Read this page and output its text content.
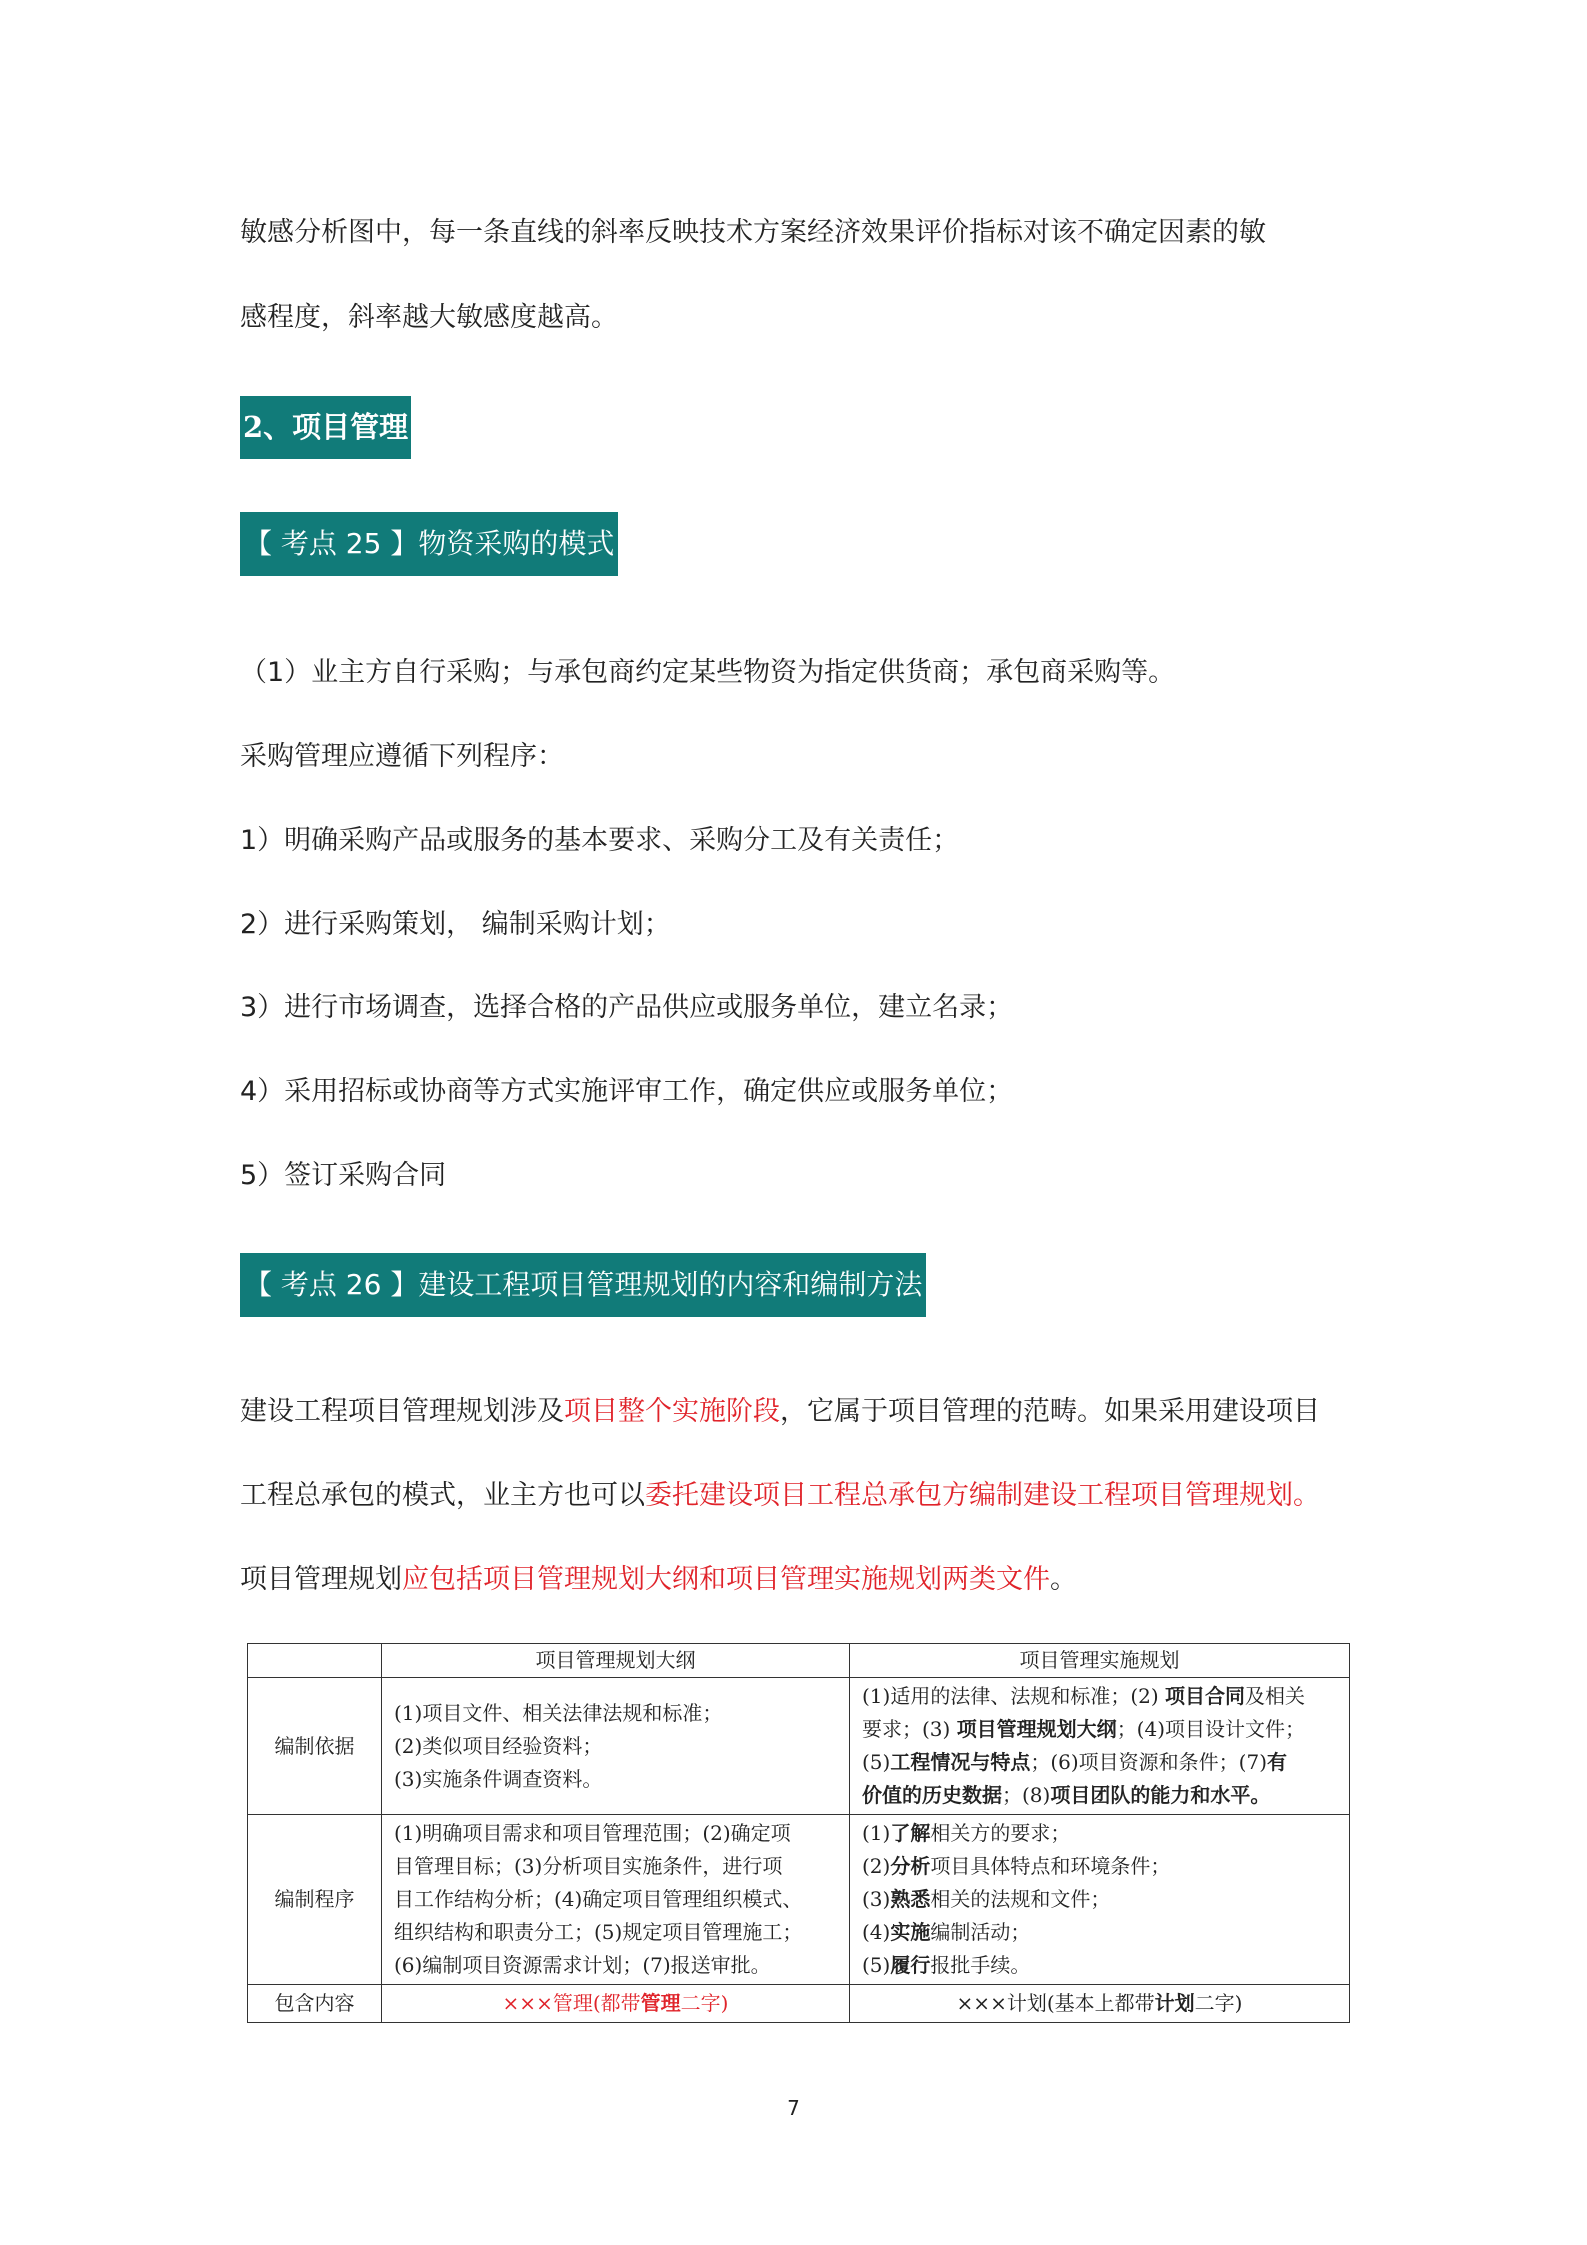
敏感分析图中，每一条直线的斜率反映技术方案经济效果评价指标对该不确定因素的敏

感程度，斜率越大敏感度越高。

2、项目管理
【 考点 25 】物资采购的模式

（1）业主方自行采购；与承包商约定某些物资为指定供货商；承包商采购等。

采购管理应遵循下列程序：

1）明确采购产品或服务的基本要求、采购分工及有关责任；

2）进行采购策划， 编制采购计划；

3）进行市场调查，选择合格的产品供应或服务单位，建立名录；

4）采用招标或协商等方式实施评审工作，确定供应或服务单位；

5）签订采购合同

【 考点 26 】建设工程项目管理规划的内容和编制方法

建设工程项目管理规划涉及项目整个实施阶段，它属于项目管理的范畴。如果采用建设项目

工程总承包的模式，业主方也可以委托建设项目工程总承包方编制建设工程项目管理规划。

项目管理规划应包括项目管理规划大纲和项目管理实施规划两类文件。

	项目管理规划大纲	项目管理实施规划
编制依据	(1)项目文件、相关法律法规和标准；
(2)类似项目经验资料；
(3)实施条件调查资料。	(1)适用的法律、法规和标准；(2) 项目合同及相关
要求；(3) 项目管理规划大纲；(4)项目设计文件；
(5)工程情况与特点；(6)项目资源和条件；(7)有
价值的历史数据；(8)项目团队的能力和水平。

编制程序	(1)明确项目需求和项目管理范围；(2)确定项
目管理目标；(3)分析项目实施条件，进行项
目工作结构分析；(4)确定项目管理组织模式、
组织结构和职责分工；(5)规定项目管理施工；
(6)编制项目资源需求计划；(7)报送审批。	(1)了解相关方的要求；
(2)分析项目具体特点和环境条件；
(3)熟悉相关的法规和文件；
(4)实施编制活动；
(5)履行报批手续。

包含内容	×××管理(都带管理二字)	×××计划(基本上都带计划二字)
7
